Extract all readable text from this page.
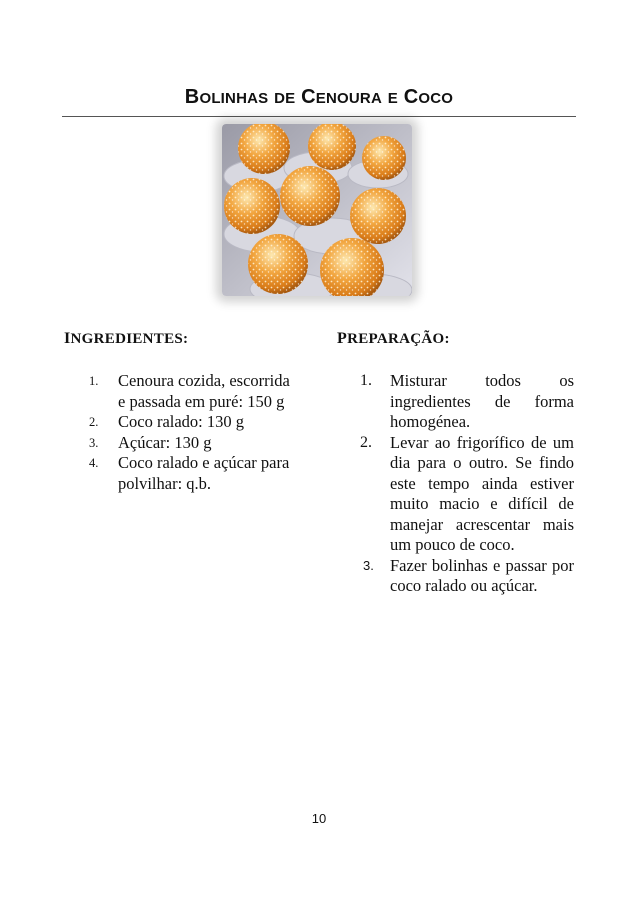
BOLINHAS DE CENOURA E COCO
INGREDIENTES:	PREPARAÇÃO:
1. Cenoura cozida, escorrida e passada em puré: 150 g
2. Coco ralado: 130 g
3. Açúcar: 130 g
4. Coco ralado e açúcar para polvilhar: q.b.
1. Misturar todos os ingredientes de forma homogénea.
2. Levar ao frigorífico de um dia para o outro. Se findo este tempo ainda estiver muito macio e difícil de manejar acrescentar mais um pouco de coco.
3. Fazer bolinhas e passar por coco ralado ou açúcar.
10
